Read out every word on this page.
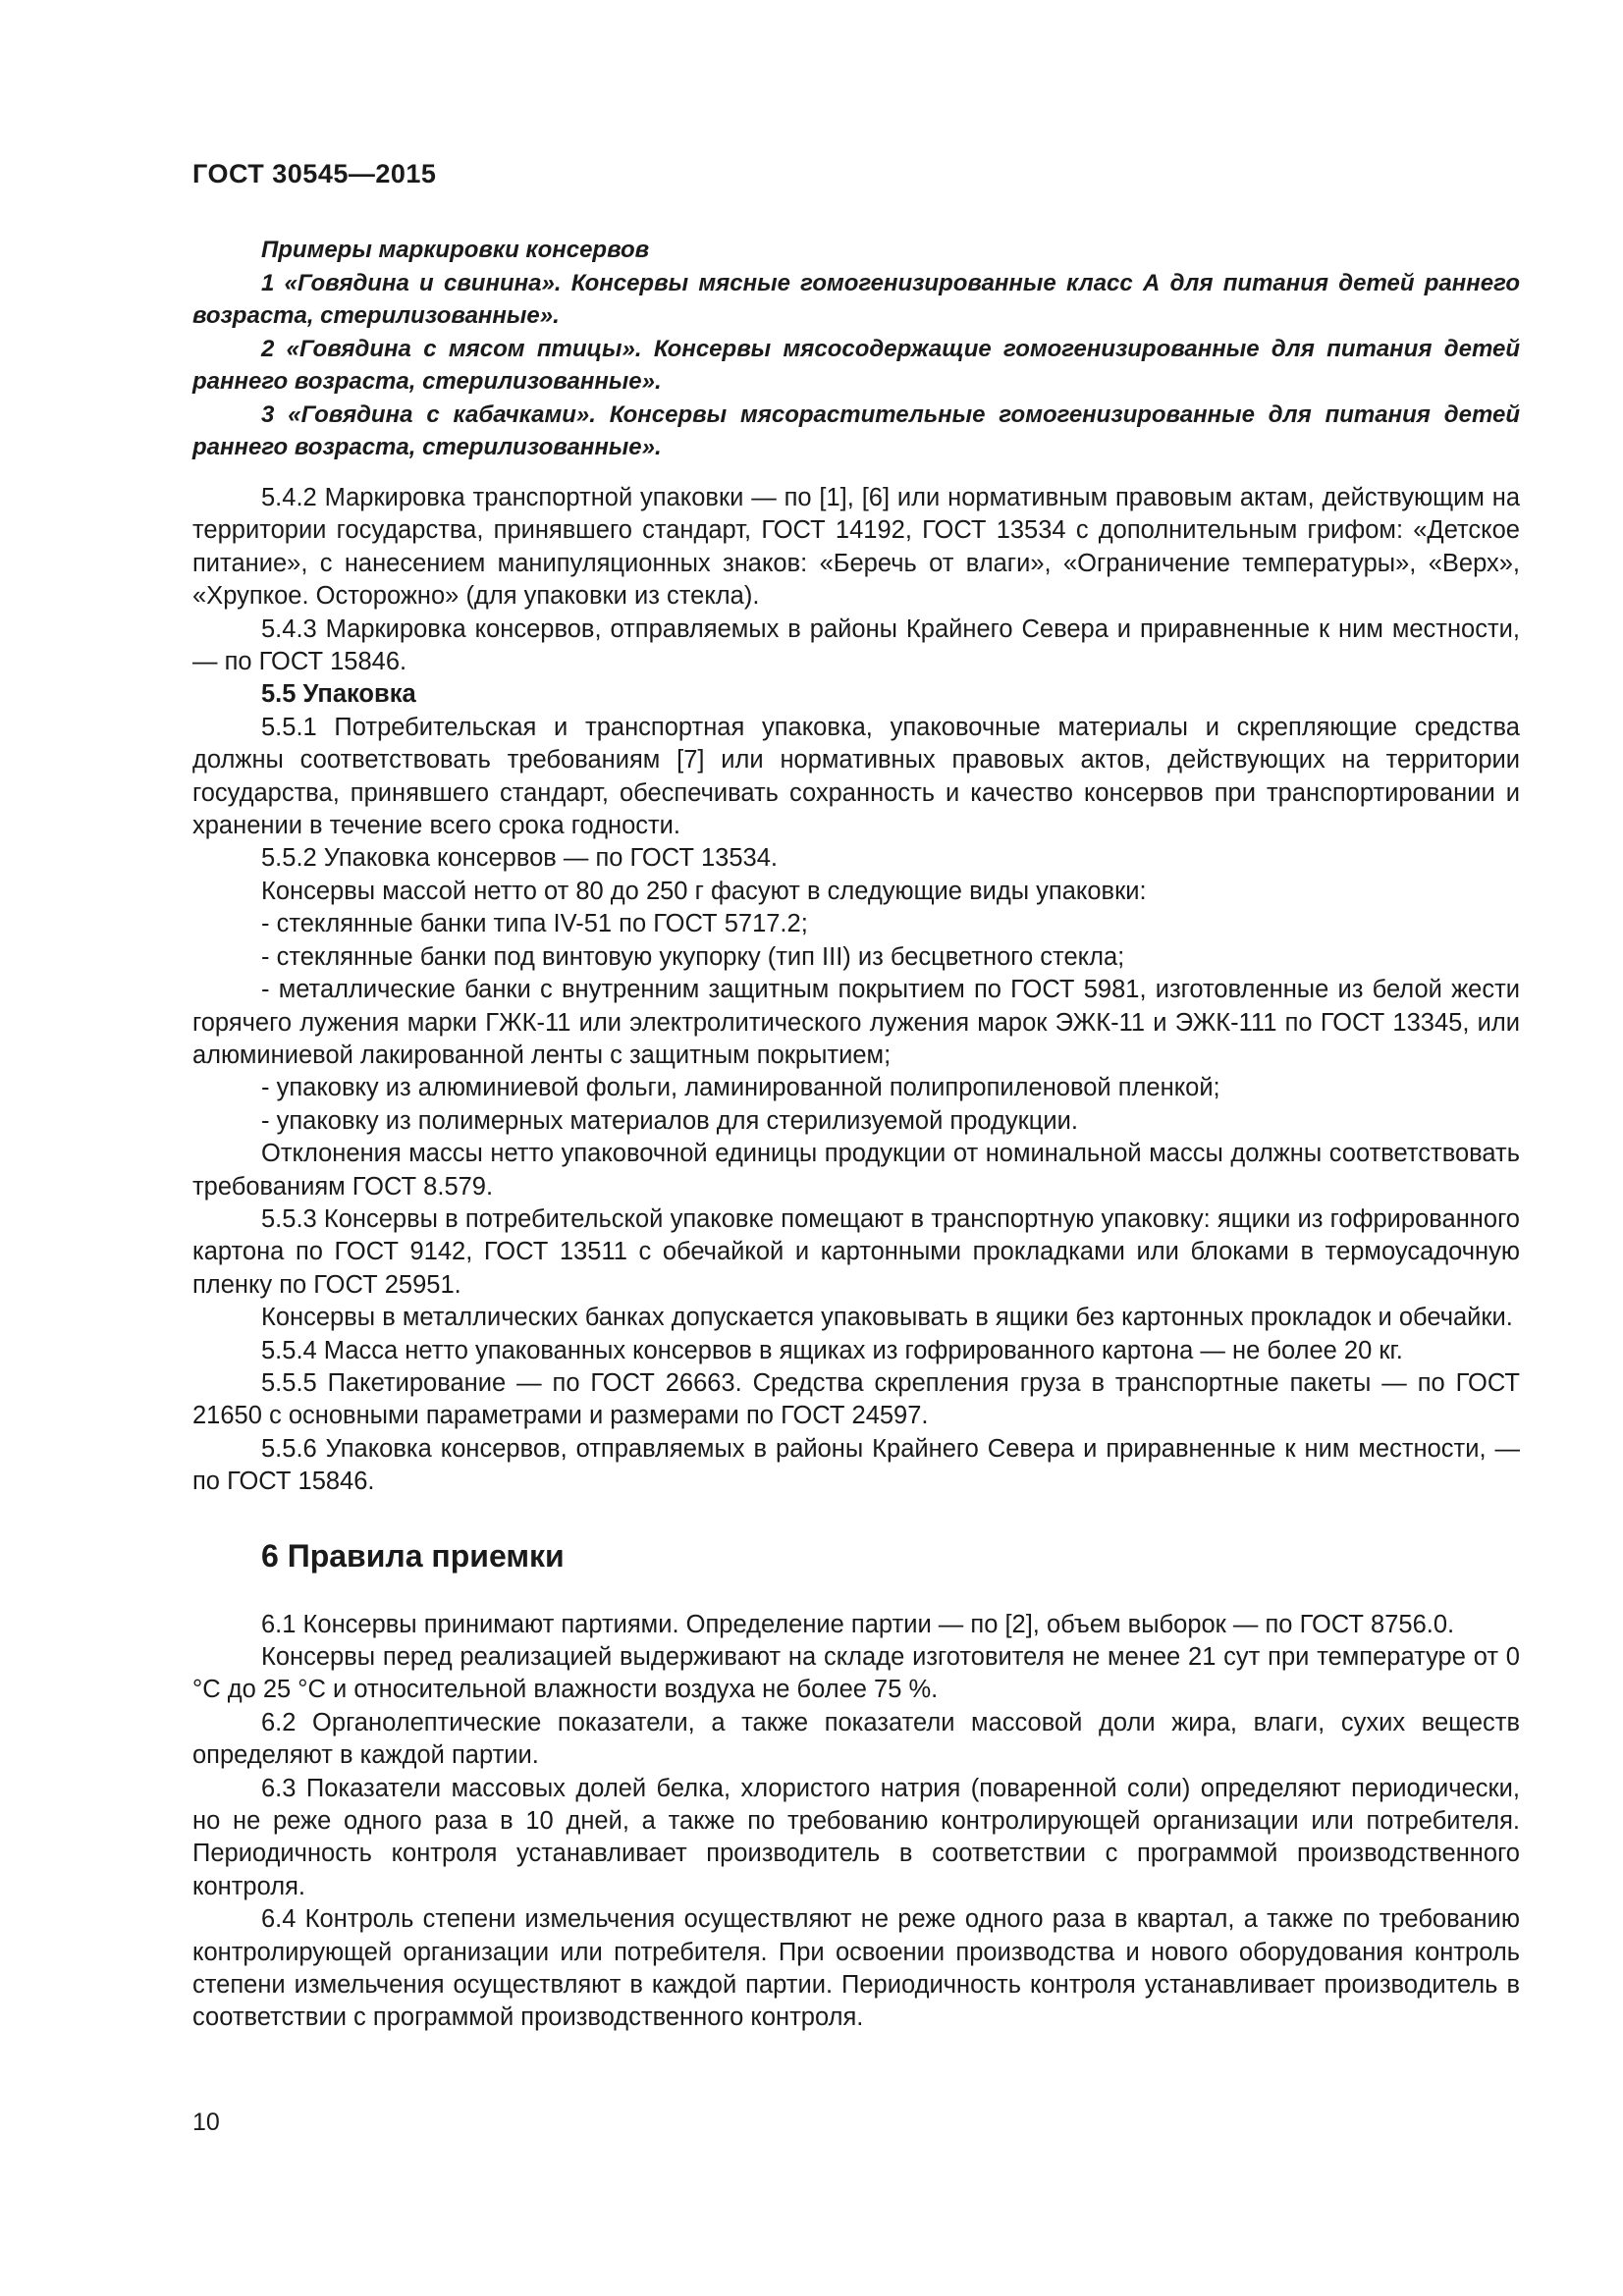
ГОСТ 30545—2015

Примеры маркировки консервов

1 «Говядина и свинина». Консервы мясные гомогенизированные класс А для питания детей раннего возраста, стерилизованные».

2 «Говядина с мясом птицы». Консервы мясосодержащие гомогенизированные для питания детей раннего возраста, стерилизованные».

3 «Говядина с кабачками». Консервы мясорастительные гомогенизированные для питания детей раннего возраста, стерилизованные».

5.4.2 Маркировка транспортной упаковки — по [1], [6] или нормативным правовым актам, действующим на территории государства, принявшего стандарт, ГОСТ 14192, ГОСТ 13534 с дополнительным грифом: «Детское питание», с нанесением манипуляционных знаков: «Беречь от влаги», «Ограничение температуры», «Верх», «Хрупкое. Осторожно» (для упаковки из стекла).

5.4.3 Маркировка консервов, отправляемых в районы Крайнего Севера и приравненные к ним местности, — по ГОСТ 15846.

5.5 Упаковка

5.5.1 Потребительская и транспортная упаковка, упаковочные материалы и скрепляющие средства должны соответствовать требованиям [7] или нормативных правовых актов, действующих на территории государства, принявшего стандарт, обеспечивать сохранность и качество консервов при транспортировании и хранении в течение всего срока годности.

5.5.2 Упаковка консервов — по ГОСТ 13534.

Консервы массой нетто от 80 до 250 г фасуют в следующие виды упаковки:

- стеклянные банки типа IV-51 по ГОСТ 5717.2;

- стеклянные банки под винтовую укупорку (тип III) из бесцветного стекла;

- металлические банки с внутренним защитным покрытием по ГОСТ 5981, изготовленные из белой жести горячего лужения марки ГЖК-11 или электролитического лужения марок ЭЖК-11 и ЭЖК-111 по ГОСТ 13345, или алюминиевой лакированной ленты с защитным покрытием;

- упаковку из алюминиевой фольги, ламинированной полипропиленовой пленкой;

- упаковку из полимерных материалов для стерилизуемой продукции.

Отклонения массы нетто упаковочной единицы продукции от номинальной массы должны соответствовать требованиям ГОСТ 8.579.

5.5.3 Консервы в потребительской упаковке помещают в транспортную упаковку: ящики из гофрированного картона по ГОСТ 9142, ГОСТ 13511 с обечайкой и картонными прокладками или блоками в термоусадочную пленку по ГОСТ 25951.

Консервы в металлических банках допускается упаковывать в ящики без картонных прокладок и обечайки.

5.5.4 Масса нетто упакованных консервов в ящиках из гофрированного картона — не более 20 кг.

5.5.5 Пакетирование — по ГОСТ 26663. Средства скрепления груза в транспортные пакеты — по ГОСТ 21650 с основными параметрами и размерами по ГОСТ 24597.

5.5.6 Упаковка консервов, отправляемых в районы Крайнего Севера и приравненные к ним местности, — по ГОСТ 15846.

6 Правила приемки

6.1 Консервы принимают партиями. Определение партии — по [2], объем выборок — по ГОСТ 8756.0.

Консервы перед реализацией выдерживают на складе изготовителя не менее 21 сут при температуре от 0 °С до 25 °С и относительной влажности воздуха не более 75 %.

6.2 Органолептические показатели, а также показатели массовой доли жира, влаги, сухих веществ определяют в каждой партии.

6.3 Показатели массовых долей белка, хлористого натрия (поваренной соли) определяют периодически, но не реже одного раза в 10 дней, а также по требованию контролирующей организации или потребителя. Периодичность контроля устанавливает производитель в соответствии с программой производственного контроля.

6.4 Контроль степени измельчения осуществляют не реже одного раза в квартал, а также по требованию контролирующей организации или потребителя. При освоении производства и нового оборудования контроль степени измельчения осуществляют в каждой партии. Периодичность контроля устанавливает производитель в соответствии с программой производственного контроля.

10
